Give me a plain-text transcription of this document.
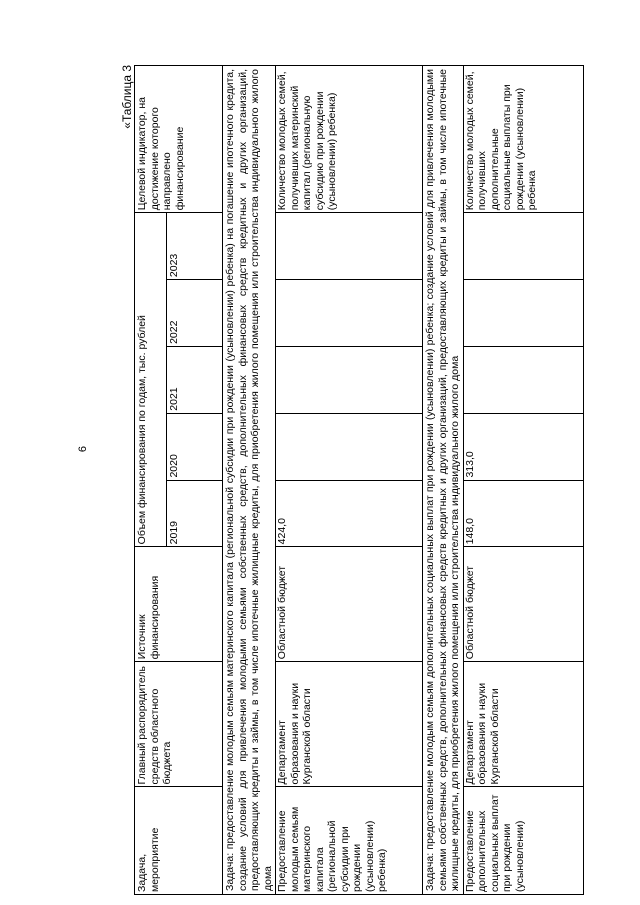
6
«Таблица 3
Задача, мероприятие	Главный распорядитель средств областного бюджета	Источник финансирования	Объем финансирования по годам, тыс. рублей					Целевой индикатор, на достижение которого направлено финансирование
			2019	2020	2021	2022	2023	
Задача: предоставление молодым семьям материнского капитала (региональной субсидии при рождении (усыновлении) ребенка) на погашение ипотечного кредита, создание условий для привлечения молодыми семьями собственных средств, дополнительных финансовых средств кредитных и других организаций, предоставляющих кредиты и займы, в том числе ипотечные жилищные кредиты, для приобретения жилого помещения или строительства индивидуального жилого дома								
Предоставление молодым семьям материнского капитала (региональной субсидии при рождении (усыновлении) ребенка)	Департамент образования и науки Курганской области	Областной бюджет	424,0					Количество молодых семей, получивших материнский капитал (региональную субсидию при рождении (усыновлении) ребенка)
Задача: предоставление молодым семьям дополнительных социальных выплат при рождении (усыновлении) ребенка; создание условий для привлечения молодыми семьями собственных средств, дополнительных финансовых средств кредитных и других организаций, предоставляющих кредиты и займы, в том числе ипотечные жилищные кредиты, для приобретения жилого помещения или строительства индивидуального жилого дома								
Предоставление дополнительных социальных выплат при рождении (усыновлении)	Департамент образования и науки Курганской области	Областной бюджет	148,0	313,0				Количество молодых семей, получивших дополнительные социальные выплаты при рождении (усыновлении) ребенка
